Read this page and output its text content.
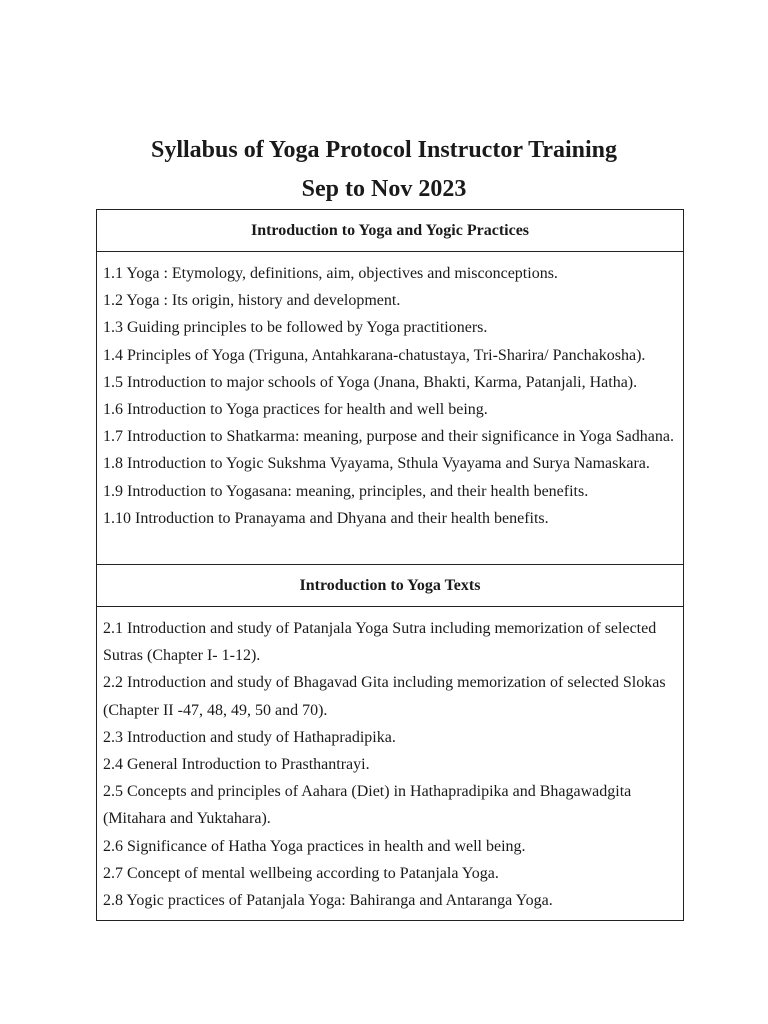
Syllabus of Yoga Protocol Instructor Training
Sep to Nov 2023
Introduction to Yoga and Yogic Practices

1.1 Yoga : Etymology, definitions, aim, objectives and misconceptions.

1.2 Yoga : Its origin, history and development.

1.3 Guiding principles to be followed by Yoga practitioners.

1.4 Principles of Yoga (Triguna, Antahkarana-chatustaya, Tri-Sharira/ Panchakosha).

1.5 Introduction to major schools of Yoga (Jnana, Bhakti, Karma, Patanjali, Hatha).

1.6 Introduction to Yoga practices for health and well being.

1.7 Introduction to Shatkarma: meaning, purpose and their significance in Yoga Sadhana.

1.8 Introduction to Yogic Sukshma Vyayama, Sthula Vyayama and Surya Namaskara.

1.9 Introduction to Yogasana: meaning, principles, and their health benefits.

1.10 Introduction to Pranayama and Dhyana and their health benefits.

Introduction to Yoga Texts

2.1 Introduction and study of Patanjala Yoga Sutra including memorization of selected Sutras (Chapter I- 1-12).

2.2 Introduction and study of Bhagavad Gita including memorization of selected Slokas (Chapter II -47, 48, 49, 50 and 70).

2.3 Introduction and study of Hathapradipika.

2.4 General Introduction to Prasthantrayi.

2.5 Concepts and principles of Aahara (Diet) in Hathapradipika and Bhagawadgita (Mitahara and Yuktahara).

2.6 Significance of Hatha Yoga practices in health and well being.

2.7 Concept of mental wellbeing according to Patanjala Yoga.

2.8 Yogic practices of Patanjala Yoga: Bahiranga and Antaranga Yoga.
